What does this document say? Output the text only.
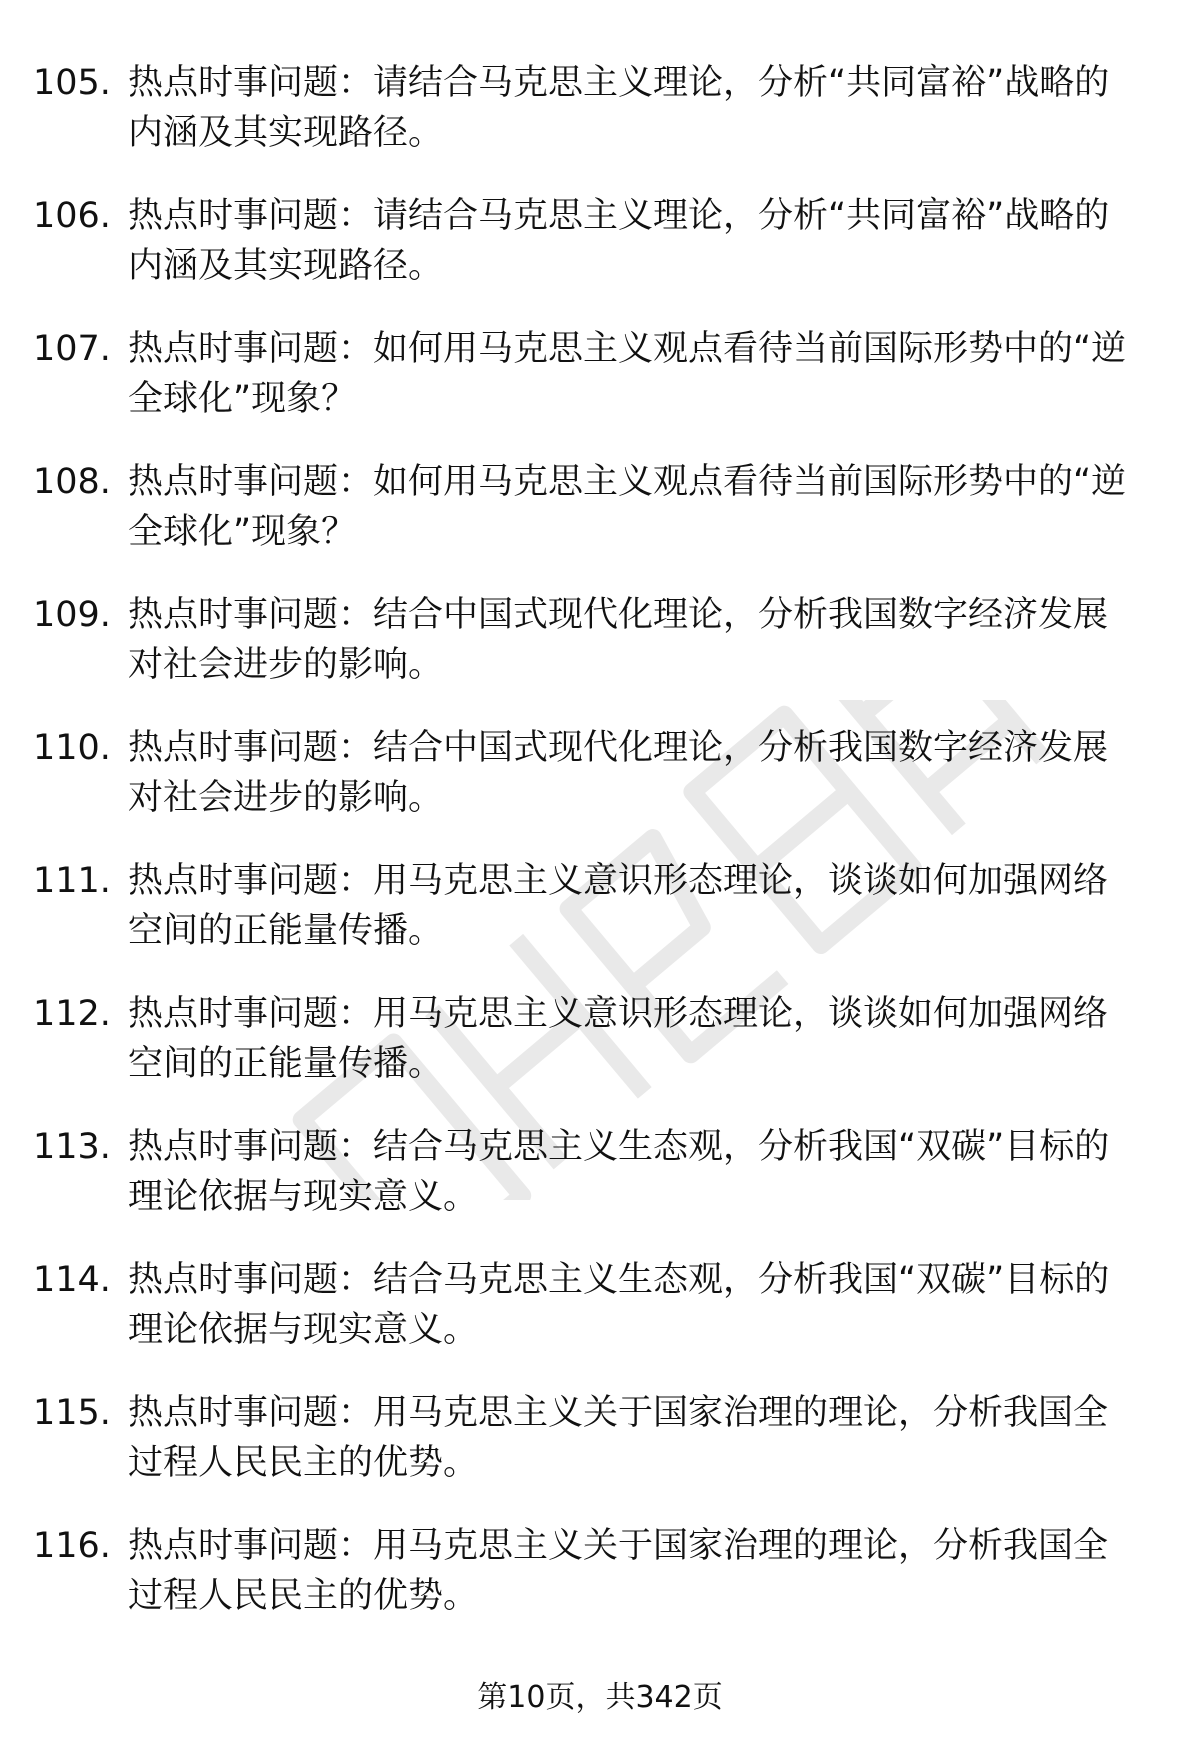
105. 热点时事问题：请结合马克思主义理论，分析“共同富裕”战略的内涵及其实现路径。
106. 热点时事问题：请结合马克思主义理论，分析“共同富裕”战略的内涵及其实现路径。
107. 热点时事问题：如何用马克思主义观点看待当前国际形势中的“逆全球化”现象？
108. 热点时事问题：如何用马克思主义观点看待当前国际形势中的“逆全球化”现象？
109. 热点时事问题：结合中国式现代化理论，分析我国数字经济发展对社会进步的影响。
110. 热点时事问题：结合中国式现代化理论，分析我国数字经济发展对社会进步的影响。
111. 热点时事问题：用马克思主义意识形态理论，谈谈如何加强网络空间的正能量传播。
112. 热点时事问题：用马克思主义意识形态理论，谈谈如何加强网络空间的正能量传播。
113. 热点时事问题：结合马克思主义生态观，分析我国“双碳”目标的理论依据与现实意义。
114. 热点时事问题：结合马克思主义生态观，分析我国“双碳”目标的理论依据与现实意义。
115. 热点时事问题：用马克思主义关于国家治理的理论，分析我国全过程人民民主的优势。
116. 热点时事问题：用马克思主义关于国家治理的理论，分析我国全过程人民民主的优势。
第10页，共342页
